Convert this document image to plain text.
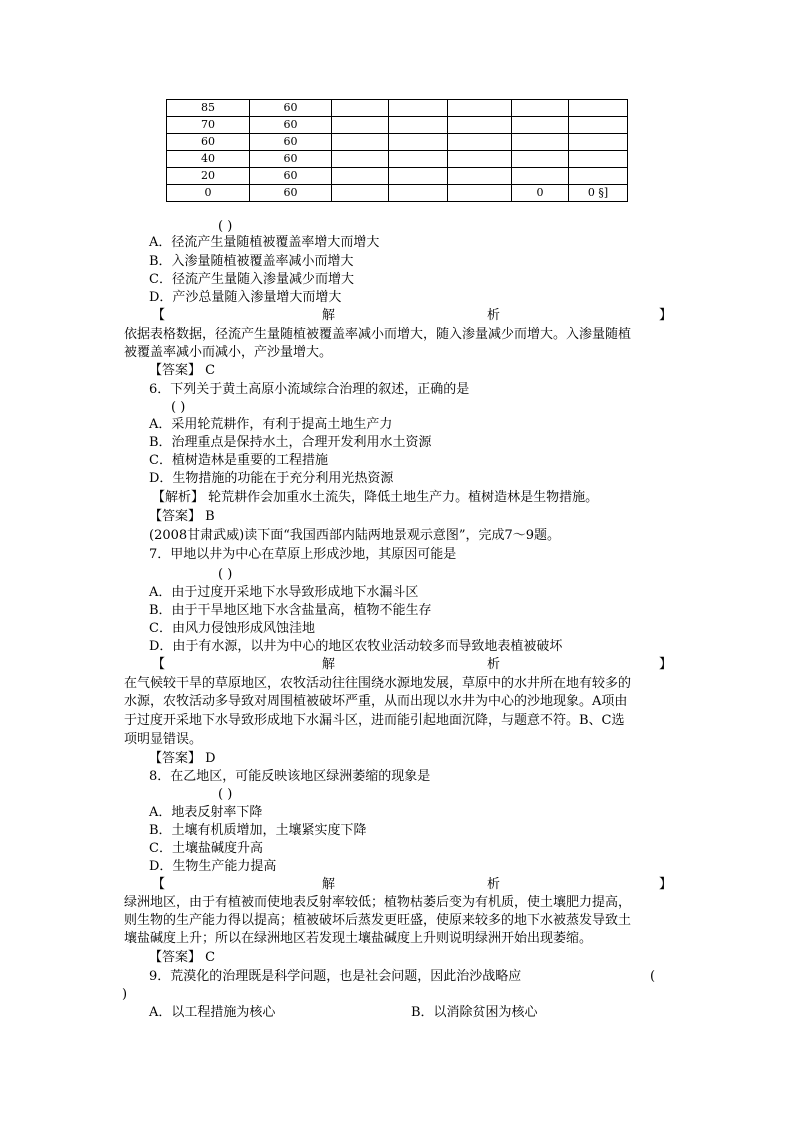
85	60					
70	60					
60	60					
40	60					
20	60					
0	60				0	0 §]
( )
A．径流产生量随植被覆盖率增大而增大
B．入渗量随植被覆盖率减小而增大
C．径流产生量随入渗量减少而增大
D．产沙总量随入渗量增大而增大
【	解	析	】
依据表格数据，径流产生量随植被覆盖率减小而增大，随入渗量减少而增大。入渗量随植
被覆盖率减小而减小，产沙量增大。
【答案】 C
6．下列关于黄土高原小流域综合治理的叙述，正确的是
( )
A．采用轮荒耕作，有利于提高土地生产力
B．治理重点是保持水土，合理开发利用水土资源
C．植树造林是重要的工程措施
D．生物措施的功能在于充分利用光热资源
【解析】 轮荒耕作会加重水土流失，降低土地生产力。植树造林是生物措施。
【答案】 B
(2008甘肃武威)读下面“我国西部内陆两地景观示意图”，完成7～9题。
7．甲地以井为中心在草原上形成沙地，其原因可能是
( )
A．由于过度开采地下水导致形成地下水漏斗区
B．由于干旱地区地下水含盐量高，植物不能生存
C．由风力侵蚀形成风蚀洼地
D．由于有水源，以井为中心的地区农牧业活动较多而导致地表植被破坏
【	解	析	】
在气候较干旱的草原地区，农牧活动往往围绕水源地发展，草原中的水井所在地有较多的
水源，农牧活动多导致对周围植被破坏严重，从而出现以水井为中心的沙地现象。A项由
于过度开采地下水导致形成地下水漏斗区，进而能引起地面沉降，与题意不符。B、C选
项明显错误。
【答案】 D
8．在乙地区，可能反映该地区绿洲萎缩的现象是
( )
A．地表反射率下降
B．土壤有机质增加，土壤紧实度下降
C．土壤盐碱度升高
D．生物生产能力提高
【	解	析	】
绿洲地区，由于有植被而使地表反射率较低；植物枯萎后变为有机质，使土壤肥力提高，
则生物的生产能力得以提高；植被破坏后蒸发更旺盛，使原来较多的地下水被蒸发导致土
壤盐碱度上升；所以在绿洲地区若发现土壤盐碱度上升则说明绿洲开始出现萎缩。
【答案】 C
9．荒漠化的治理既是科学问题，也是社会问题，因此治沙战略应	(
)
A．以工程措施为核心	B．以消除贫困为核心
